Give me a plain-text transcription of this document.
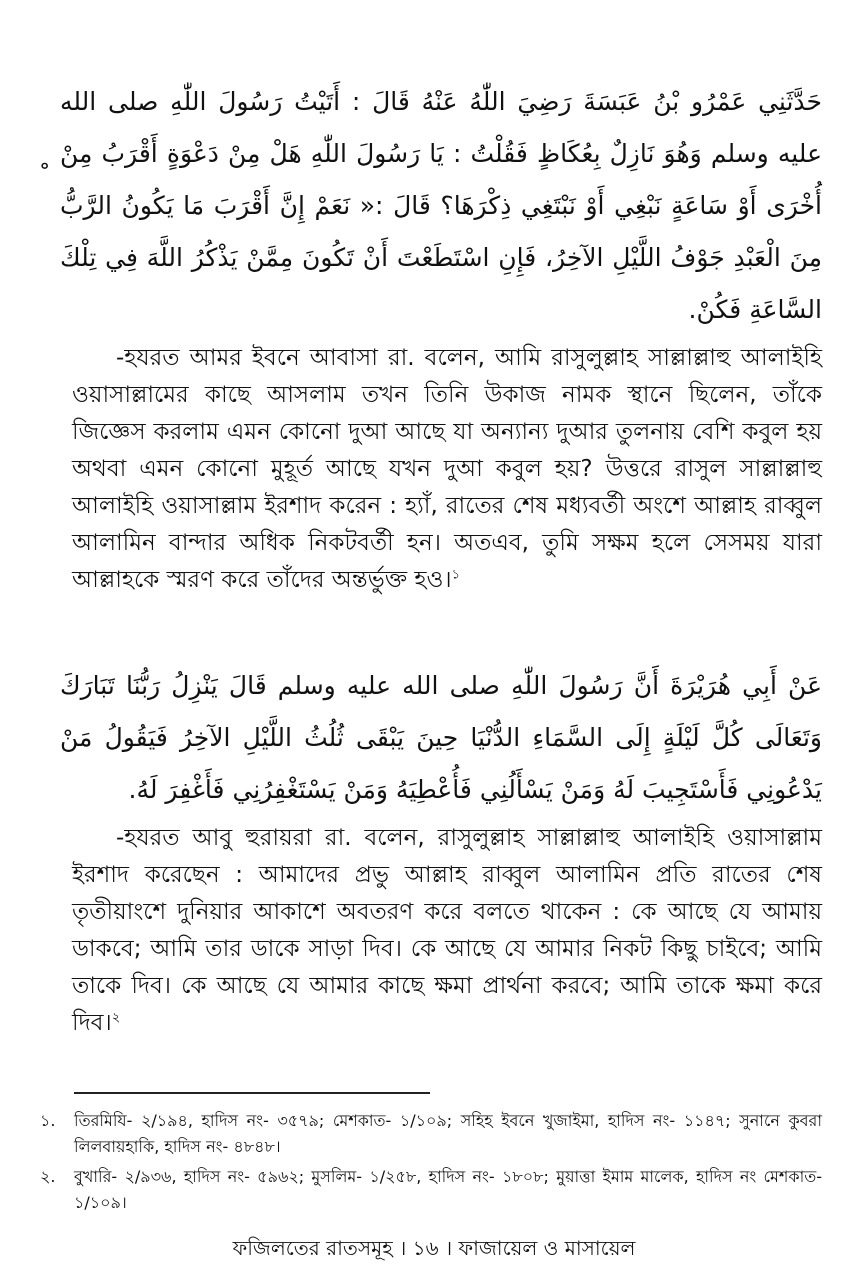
॰

حَدَّثَنِي عَمْرُو بْنُ عَبَسَةَ رَضِيَ اللّٰهُ عَنْهُ قَالَ : أَتَيْتُ رَسُولَ اللّٰهِ صلى الله عليه وسلم وَهُوَ نَازِلٌ بِعُكَاظٍ فَقُلْتُ : يَا رَسُولَ اللّٰهِ هَلْ مِنْ دَعْوَةٍ أَقْرَبُ مِنْ أُخْرَى أَوْ سَاعَةٍ نَبْغِي أَوْ نَبْتَغِي ذِكْرَهَا؟ قَالَ :« نَعَمْ إِنَّ أَقْرَبَ مَا يَكُونُ الرَّبُّ مِنَ الْعَبْدِ جَوْفُ اللَّيْلِ الآخِرُ، فَإِنِ اسْتَطَعْتَ أَنْ تَكُونَ مِمَّنْ يَذْكُرُ اللَّهَ فِي تِلْكَ السَّاعَةِ فَكُنْ.

-হযরত আমর ইবনে আবাসা রা. বলেন, আমি রাসুলুল্লাহ সাল্লাল্লাহু আলাইহি ওয়াসাল্লামের কাছে আসলাম তখন তিনি উকাজ নামক স্থানে ছিলেন, তাঁকে জিজ্ঞেস করলাম এমন কোনো দুআ আছে যা অন্যান্য দুআর তুলনায় বেশি কবুল হয় অথবা এমন কোনো মুহূর্ত আছে যখন দুআ কবুল হয়? উত্তরে রাসুল সাল্লাল্লাহু আলাইহি ওয়াসাল্লাম ইরশাদ করেন : হ্যাঁ, রাতের শেষ মধ্যবর্তী অংশে আল্লাহ রাব্বুল আলামিন বান্দার অধিক নিকটবর্তী হন। অতএব, তুমি সক্ষম হলে সেসময় যারা আল্লাহকে স্মরণ করে তাঁদের অন্তর্ভুক্ত হও।$^১$

عَنْ أَبِي هُرَيْرَةَ أَنَّ رَسُولَ اللّٰهِ صلى الله عليه وسلم قَالَ يَنْزِلُ رَبُّنَا تَبَارَكَ وَتَعَالَى كُلَّ لَيْلَةٍ إِلَى السَّمَاءِ الدُّنْيَا حِينَ يَبْقَى ثُلُثُ اللَّيْلِ الآخِرُ فَيَقُولُ مَنْ يَدْعُونِي فَأَسْتَجِيبَ لَهُ وَمَنْ يَسْأَلُنِي فَأُعْطِيَهُ وَمَنْ يَسْتَغْفِرُنِي فَأَغْفِرَ لَهُ.

-হযরত আবু হুরায়রা রা. বলেন, রাসুলুল্লাহ সাল্লাল্লাহু আলাইহি ওয়াসাল্লাম ইরশাদ করেছেন : আমাদের প্রভু আল্লাহ রাব্বুল আলামিন প্রতি রাতের শেষ তৃতীয়াংশে দুনিয়ার আকাশে অবতরণ করে বলতে থাকেন : কে আছে যে আমায় ডাকবে; আমি তার ডাকে সাড়া দিব। কে আছে যে আমার নিকট কিছু চাইবে; আমি তাকে দিব। কে আছে যে আমার কাছে ক্ষমা প্রার্থনা করবে; আমি তাকে ক্ষমা করে দিব।$^২$

১.	তিরমিযি- ২/১৯৪, হাদিস নং- ৩৫৭৯; মেশকাত- ১/১০৯; সহিহ ইবনে খুজাইমা, হাদিস নং- ১১৪৭; সুনানে কুবরা লিলবায়হাকি, হাদিস নং- ৪৮৪৮।
২.	বুখারি- ২/৯৩৬, হাদিস নং- ৫৯৬২; মুসলিম- ১/২৫৮, হাদিস নং- ১৮০৮; মুয়াত্তা ইমাম মালেক, হাদিস নং মেশকাত- ১/১০৯।
ফজিলতের রাতসমূহ । ১৬ । ফাজায়েল ও মাসায়েল
